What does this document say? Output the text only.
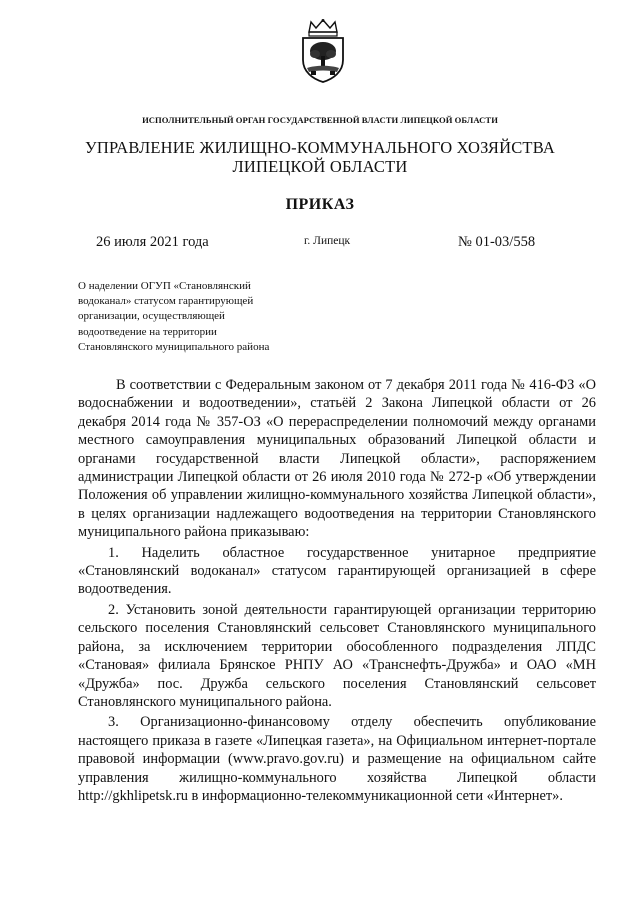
ИСПОЛНИТЕЛЬНЫЙ ОРГАН ГОСУДАРСТВЕННОЙ ВЛАСТИ ЛИПЕЦКОЙ ОБЛАСТИ
УПРАВЛЕНИЕ ЖИЛИЩНО-КОММУНАЛЬНОГО ХОЗЯЙСТВА
ЛИПЕЦКОЙ ОБЛАСТИ
ПРИКАЗ
26 июля 2021 года	г. Липецк	№ 01-03/558
О наделении ОГУП «Становлянский
водоканал» статусом гарантирующей
организации, осуществляющей
водоотведение на территории
Становлянского муниципального района

В соответствии с Федеральным законом от 7 декабря 2011 года № 416-ФЗ «О водоснабжении и водоотведении», статьёй 2 Закона Липецкой области от 26 декабря 2014 года № 357-ОЗ «О перераспределении полномочий между органами местного самоуправления муниципальных образований Липецкой области и органами государственной власти Липецкой области», распоряжением администрации Липецкой области от 26 июля 2010 года № 272-р «Об утверждении Положения об управлении жилищно-коммунального хозяйства Липецкой области», в целях организации надлежащего водоотведения на территории Становлянского муниципального района приказываю:

1. Наделить областное государственное унитарное предприятие «Становлянский водоканал» статусом гарантирующей организацией в сфере водоотведения.

2. Установить зоной деятельности гарантирующей организации территорию сельского поселения Становлянский сельсовет Становлянского муниципального района, за исключением территории обособленного подразделения ЛПДС «Становая» филиала Брянское РНПУ АО «Транснефть-Дружба» и ОАО «МН «Дружба» пос. Дружба сельского поселения Становлянский сельсовет Становлянского муниципального района.

3. Организационно-финансовому отделу обеспечить опубликование настоящего приказа в газете «Липецкая газета», на Официальном интернет-портале правовой информации (www.pravo.gov.ru) и размещение на официальном сайте управления жилищно-коммунального хозяйства Липецкой области http://gkhlipetsk.ru в информационно-телекоммуникационной сети «Интернет».
